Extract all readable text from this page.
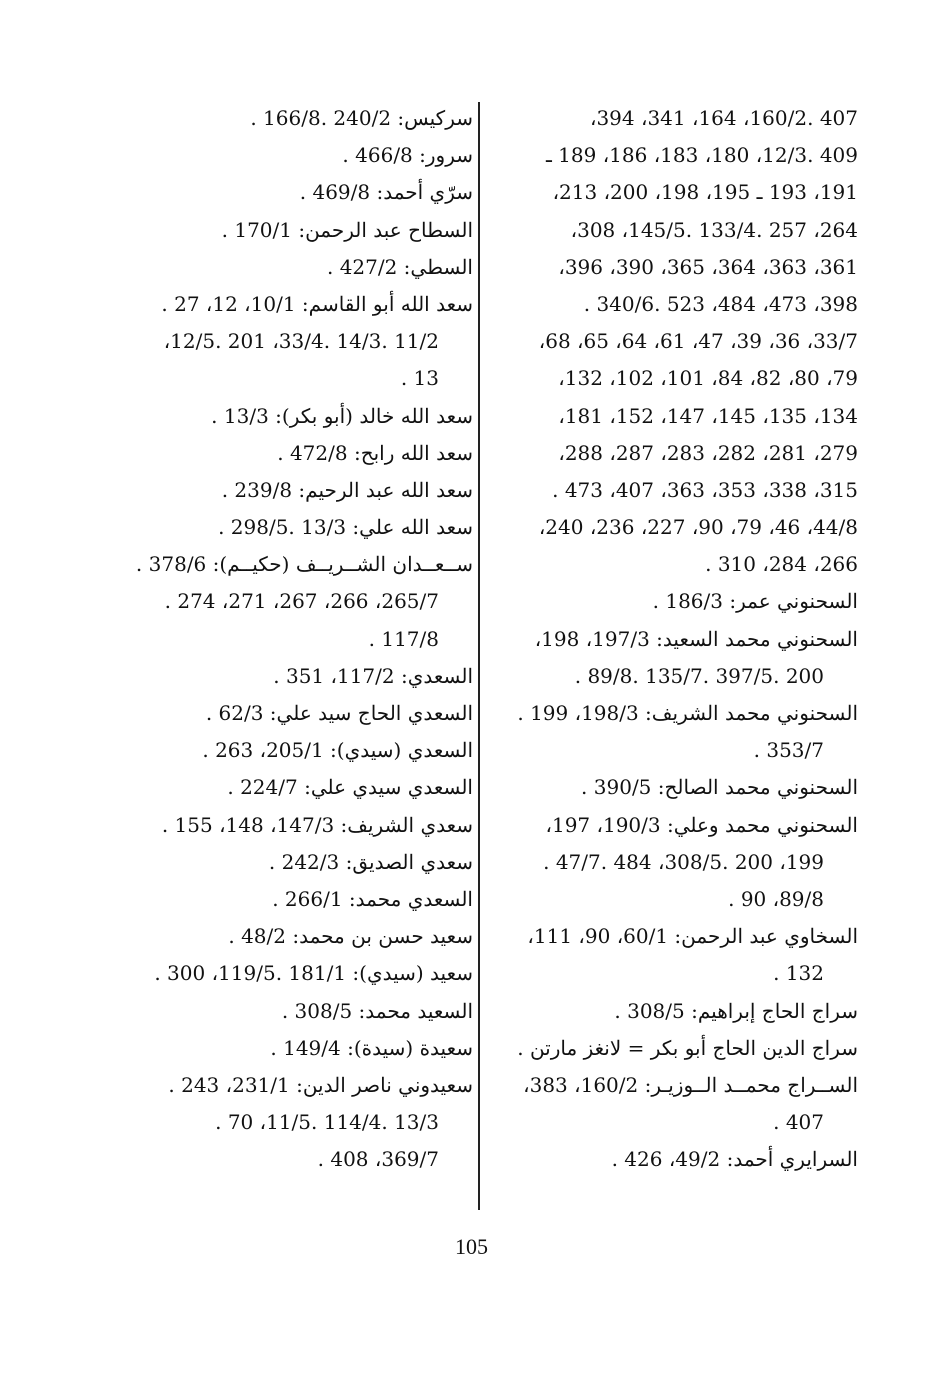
407 .‏160/2، 164، 341، 394،
409 .‏12/3، 180، 183، 186، 189 ـ
191، 193 ـ 195، 198، 200، 213،
264، 257 .‏133/4 .‏145/5، 308،
361، 363، 364، 365، 390، 396،
398، 473، 484، 523 .‏340/6 .
33/7، 36، 39، 47، 61، 64، 65، 68،
79، 80، 82، 84، 101، 102، 132،
134، 135، 145، 147، 152، 181،
279، 281، 282، 283، 287، 288،
315، 338، 353، 363، 407، 473 .
44/8، 46، 79، 90، 227، 236، 240،
266، 284، 310 .
السحنوني عمر: 186/3 .
السحنوني محمد السعيد: 197/3، 198،
200 .‏397/5 .‏135/7 .‏89/8 .
السحنوني محمد الشريف: 198/3، 199 .
353/7 .
السحنوني محمد الصالح: 390/5 .
السحنوني محمد وعلي: 190/3، 197،
199، 200 .‏308/5، 484 .‏47/7 .
89/8، 90 .
السخاوي عبد الرحمن: 60/1، 90، 111،
132 .
سراج الحاج إبراهيم: 308/5 .
سراج الدين الحاج أبو بكر = لانغز مارتن .
الســراج محمــد الــوزيـر: 160/2، 383،
407 .
السرايري أحمد: 49/2، 426 .
سركيس: 240/2 .‏166/8 .
سرور: 466/8 .
سرّي أحمد: 469/8 .
السطاح عبد الرحمن: 170/1 .
السطي: 427/2 .
سعد الله أبو القاسم: 10/1، 12، 27 .
11/2 .‏14/3 .‏33/4، 201 .‏12/5،
13 .
سعد الله خالد (أبو بكر): 13/3 .
سعد الله رابح: 472/8 .
سعد الله عبد الرحيم: 239/8 .
سعد الله علي: 13/3 .‏298/5 .
ســعــدان الشــريــف (حكيــم): 378/6 .
265/7، 266، 267، 271، 274 .
117/8 .
السعدي: 117/2، 351 .
السعدي الحاج سيد علي: 62/3 .
السعدي (سيدي): 205/1، 263 .
السعدي سيدي علي: 224/7 .
سعدي الشريف: 147/3، 148، 155 .
سعدي الصديق: 242/3 .
السعدي محمد: 266/1 .
سعيد حسن بن محمد: 48/2 .
سعيد (سيدي): 181/1 .‏119/5، 300 .
السعيد محمد: 308/5 .
سعيدة (سيدة): 149/4 .
سعيدوني ناصر الدين: 231/1، 243 .
13/3 .‏114/4 .‏11/5، 70 .
369/7، 408 .
105
